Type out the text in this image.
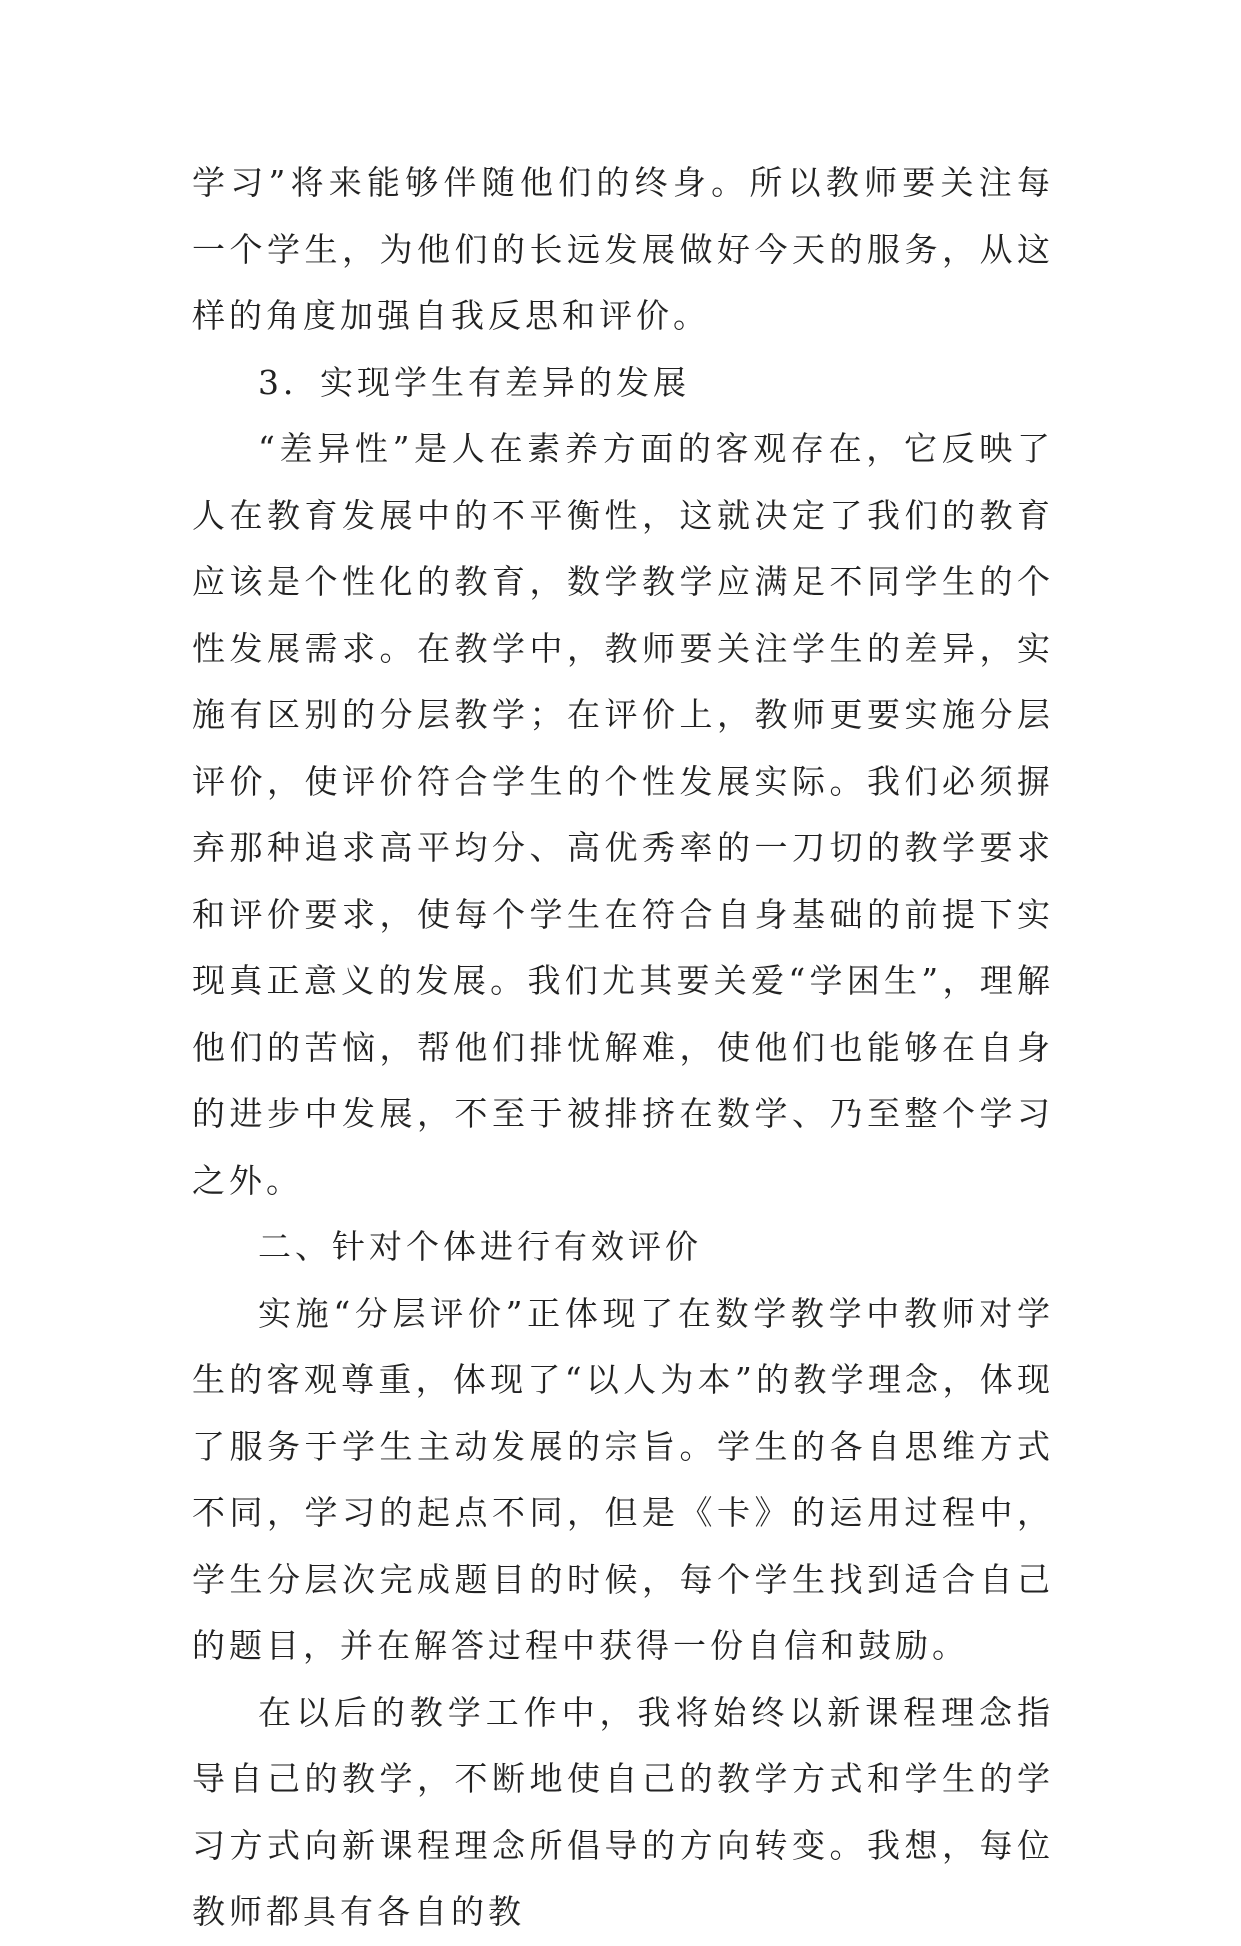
学习”将来能够伴随他们的终身。所以教师要关注每一个学生，为他们的长远发展做好今天的服务，从这样的角度加强自我反思和评价。

3．实现学生有差异的发展

“差异性”是人在素养方面的客观存在，它反映了人在教育发展中的不平衡性，这就决定了我们的教育应该是个性化的教育，数学教学应满足不同学生的个性发展需求。在教学中，教师要关注学生的差异，实施有区别的分层教学；在评价上，教师更要实施分层评价，使评价符合学生的个性发展实际。我们必须摒弃那种追求高平均分、高优秀率的一刀切的教学要求和评价要求，使每个学生在符合自身基础的前提下实现真正意义的发展。我们尤其要关爱“学困生”，理解他们的苦恼，帮他们排忧解难，使他们也能够在自身的进步中发展，不至于被排挤在数学、乃至整个学习之外。

二、针对个体进行有效评价

实施“分层评价”正体现了在数学教学中教师对学生的客观尊重，体现了“以人为本”的教学理念，体现了服务于学生主动发展的宗旨。学生的各自思维方式不同，学习的起点不同，但是《卡》的运用过程中，学生分层次完成题目的时候，每个学生找到适合自己的题目，并在解答过程中获得一份自信和鼓励。

在以后的教学工作中，我将始终以新课程理念指导自己的教学，不断地使自己的教学方式和学生的学习方式向新课程理念所倡导的方向转变。我想，每位教师都具有各自的教
